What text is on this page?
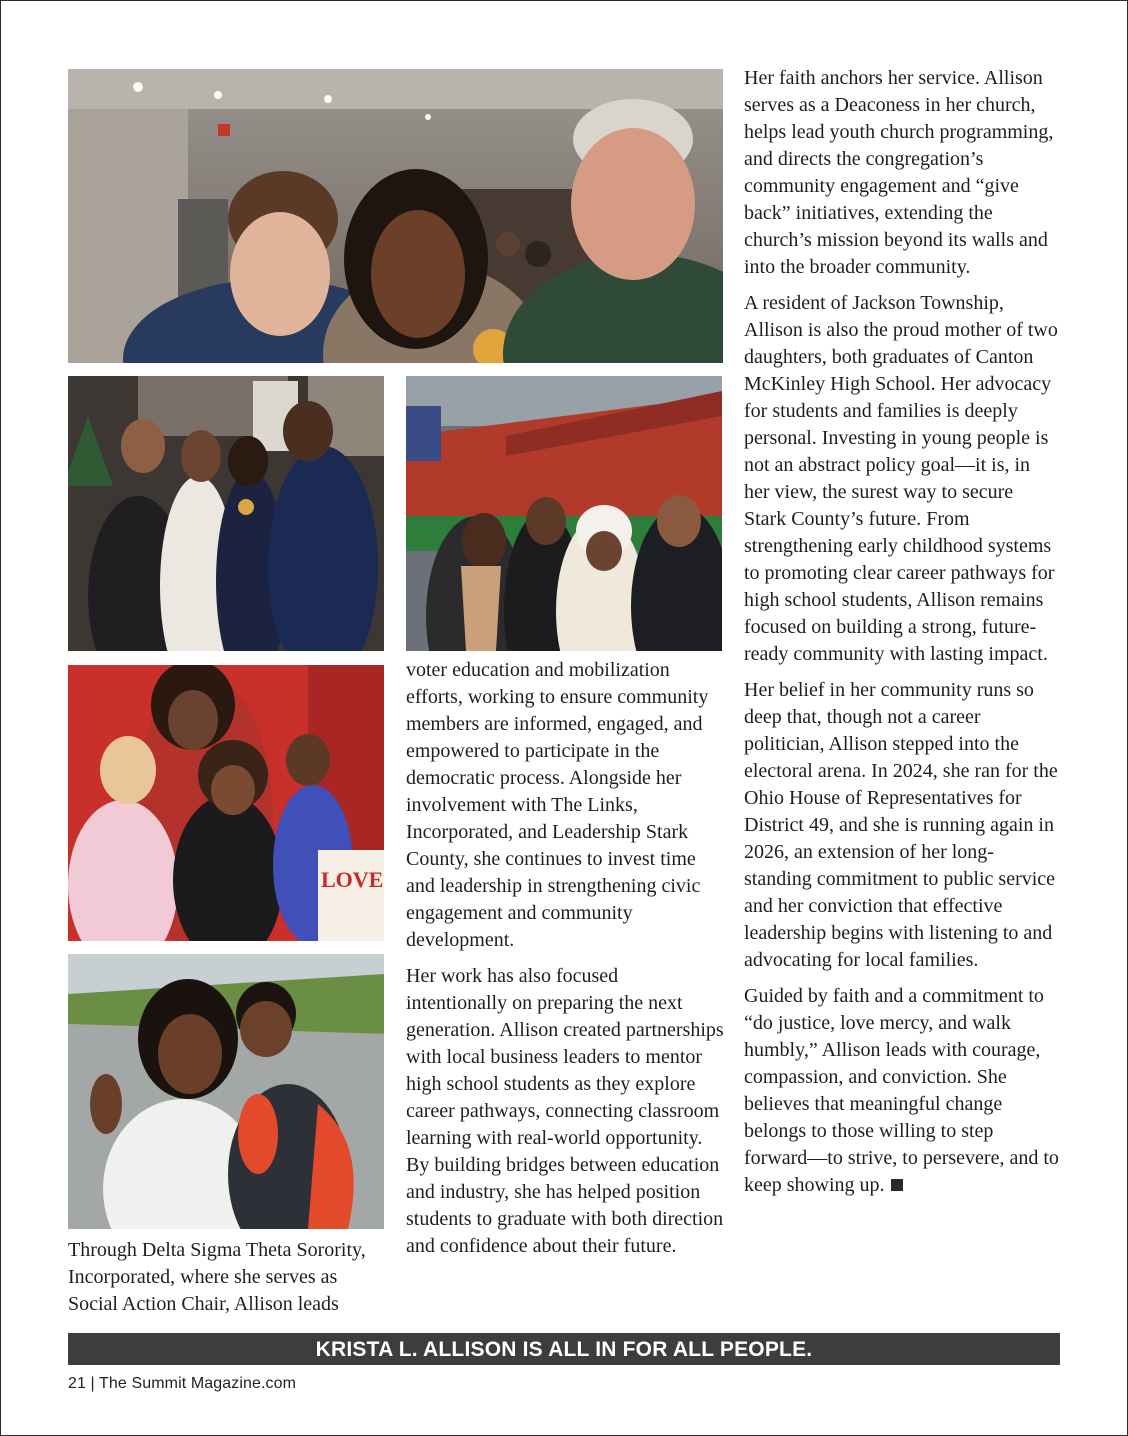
LOVE

Through Delta Sigma Theta Sorority, Incorporated, where she serves as Social Action Chair, Allison leads

voter education and mobilization efforts, working to ensure community members are informed, engaged, and empowered to participate in the democratic process. Alongside her involvement with The Links, Incorporated, and Leadership Stark County, she continues to invest time and leadership in strengthening civic engagement and community development.

Her work has also focused intentionally on preparing the next generation. Allison created partnerships with local business leaders to mentor high school students as they explore career pathways, connecting classroom learning with real-world opportunity. By building bridges between education and industry, she has helped position students to graduate with both direction and confidence about their future.

Her faith anchors her service. Allison serves as a Deaconess in her church, helps lead youth church programming, and directs the congregation’s community engagement and “give back” initiatives, extending the church’s mission beyond its walls and into the broader community.

A resident of Jackson Township, Allison is also the proud mother of two daughters, both graduates of Canton McKinley High School. Her advocacy for students and families is deeply personal. Investing in young people is not an abstract policy goal—it is, in her view, the surest way to secure Stark County’s future. From strengthening early childhood systems to promoting clear career pathways for high school students, Allison remains focused on building a strong, future-ready community with lasting impact.

Her belief in her community runs so deep that, though not a career politician, Allison stepped into the electoral arena. In 2024, she ran for the Ohio House of Representatives for District 49, and she is running again in 2026, an extension of her long-standing commitment to public service and her conviction that effective leadership begins with listening to and advocating for local families.

Guided by faith and a commitment to “do justice, love mercy, and walk humbly,” Allison leads with courage, compassion, and conviction. She believes that meaningful change belongs to those willing to step forward—to strive, to persevere, and to keep showing up.

KRISTA L. ALLISON IS ALL IN FOR ALL PEOPLE.
21 | The Summit Magazine.com
